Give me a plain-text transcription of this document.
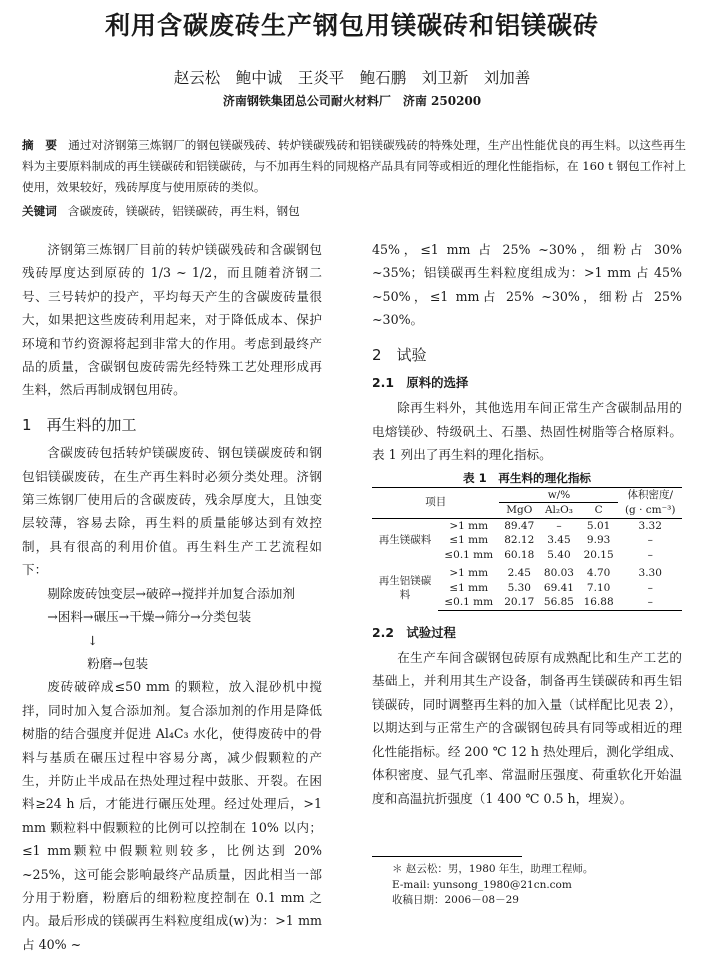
利用含碳废砖生产钢包用镁碳砖和铝镁碳砖
赵云松　鲍中诚　王炎平　鲍石鹏　刘卫新　刘加善
济南钢铁集团总公司耐火材料厂　济南 250200
摘　要 通过对济钢第三炼钢厂的钢包镁碳残砖、转炉镁碳残砖和铝镁碳残砖的特殊处理，生产出性能优良的再生料。以这些再生料为主要原料制成的再生镁碳砖和铝镁碳砖，与不加再生料的同规格产品具有同等或相近的理化性能指标，在 160 t 钢包工作衬上使用，效果较好，残砖厚度与使用原砖的类似。
关键词 含碳废砖，镁碳砖，铝镁碳砖，再生料，钢包

济钢第三炼钢厂目前的转炉镁碳残砖和含碳钢包残砖厚度达到原砖的 1/3 ~ 1/2，而且随着济钢二号、三号转炉的投产，平均每天产生的含碳废砖量很大，如果把这些废砖利用起来，对于降低成本、保护环境和节约资源将起到非常大的作用。考虑到最终产品的质量，含碳钢包废砖需先经特殊工艺处理形成再生料，然后再制成钢包用砖。

1　再生料的加工

含碳废砖包括转炉镁碳废砖、钢包镁碳废砖和钢包铝镁碳废砖，在生产再生料时必须分类处理。济钢第三炼钢厂使用后的含碳废砖，残余厚度大，且蚀变层较薄，容易去除，再生料的质量能够达到有效控制，具有很高的利用价值。再生料生产工艺流程如下：

剔除废砖蚀变层→破碎→搅拌并加复合添加剂

→困料→碾压→干燥→筛分→分类包装

↓

粉磨→包装

废砖破碎成≤50 mm 的颗粒，放入混砂机中搅拌，同时加入复合添加剂。复合添加剂的作用是降低树脂的结合强度并促进 Al₄C₃ 水化，使得废砖中的骨料与基质在碾压过程中容易分离，减少假颗粒的产生，并防止半成品在热处理过程中鼓胀、开裂。在困料≥24 h 后，才能进行碾压处理。经过处理后，>1 mm 颗粒料中假颗粒的比例可以控制在 10% 以内；≤1 mm颗粒中假颗粒则较多，比例达到 20% ~25%，这可能会影响最终产品质量，因此相当一部分用于粉磨，粉磨后的细粉粒度控制在 0.1 mm 之内。最后形成的镁碳再生料粒度组成(w)为：>1 mm占 40% ~

45%，≤1 mm 占 25% ~30%，细粉占 30% ~35%；铝镁碳再生料粒度组成为：>1 mm 占 45% ~50%，≤1 mm占 25% ~30%，细粉占 25% ~30%。

2　试验
2.1　原料的选择

除再生料外，其他选用车间正常生产含碳制品用的电熔镁砂、特级矾土、石墨、热固性树脂等合格原料。表 1 列出了再生料的理化指标。

表 1　再生料的理化指标
项目		w/%			体积密度/
		MgO	Al₂O₃	C	(g · cm⁻³)
再生镁碳料	>1 mm	89.47	–	5.01	3.32
	≤1 mm	82.12	3.45	9.93	–
	≤0.1 mm	60.18	5.40	20.15	–
再生铝镁碳料	>1 mm	2.45	80.03	4.70	3.30
	≤1 mm	5.30	69.41	7.10	–
	≤0.1 mm	20.17	56.85	16.88	–
2.2　试验过程

在生产车间含碳钢包砖原有成熟配比和生产工艺的基础上，并利用其生产设备，制备再生镁碳砖和再生铝镁碳砖，同时调整再生料的加入量（试样配比见表 2），以期达到与正常生产的含碳钢包砖具有同等或相近的理化性能指标。经 200 ℃ 12 h 热处理后，测化学组成、体积密度、显气孔率、常温耐压强度、荷重软化开始温度和高温抗折强度（1 400 ℃ 0.5 h，埋炭）。

＊ 赵云松：男，1980 年生，助理工程师。
E-mail: yunsong_1980@21cn.com
收稿日期：2006－08－29
